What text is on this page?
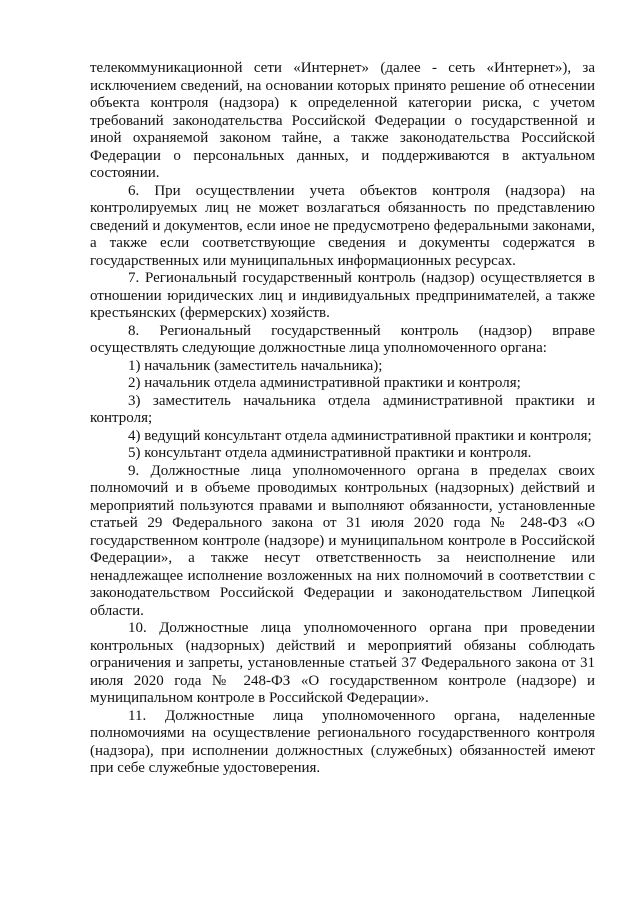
телекоммуникационной сети «Интернет» (далее - сеть «Интернет»), за исключением сведений, на основании которых принято решение об отнесении объекта контроля (надзора) к определенной категории риска, с учетом требований законодательства Российской Федерации о государственной и иной охраняемой законом тайне, а также законодательства Российской Федерации о персональных данных, и поддерживаются в актуальном состоянии.

6. При осуществлении учета объектов контроля (надзора) на контролируемых лиц не может возлагаться обязанность по представлению сведений и документов, если иное не предусмотрено федеральными законами, а также если соответствующие сведения и документы содержатся в государственных или муниципальных информационных ресурсах.

7. Региональный государственный контроль (надзор) осуществляется в отношении юридических лиц и индивидуальных предпринимателей, а также крестьянских (фермерских) хозяйств.

8. Региональный государственный контроль (надзор) вправе осуществлять следующие должностные лица уполномоченного органа:

1) начальник (заместитель начальника);

2) начальник отдела административной практики и контроля;

3) заместитель начальника отдела административной практики и контроля;

4) ведущий консультант отдела административной практики и контроля;

5) консультант отдела административной практики и контроля.

9. Должностные лица уполномоченного органа в пределах своих полномочий и в объеме проводимых контрольных (надзорных) действий и мероприятий пользуются правами и выполняют обязанности, установленные статьей 29 Федерального закона от 31 июля 2020 года № 248-ФЗ «О государственном контроле (надзоре) и муниципальном контроле в Российской Федерации», а также несут ответственность за неисполнение или ненадлежащее исполнение возложенных на них полномочий в соответствии с законодательством Российской Федерации и законодательством Липецкой области.

10. Должностные лица уполномоченного органа при проведении контрольных (надзорных) действий и мероприятий обязаны соблюдать ограничения и запреты, установленные статьей 37 Федерального закона от 31 июля 2020 года № 248-ФЗ «О государственном контроле (надзоре) и муниципальном контроле в Российской Федерации».

11. Должностные лица уполномоченного органа, наделенные полномочиями на осуществление регионального государственного контроля (надзора), при исполнении должностных (служебных) обязанностей имеют при себе служебные удостоверения.
